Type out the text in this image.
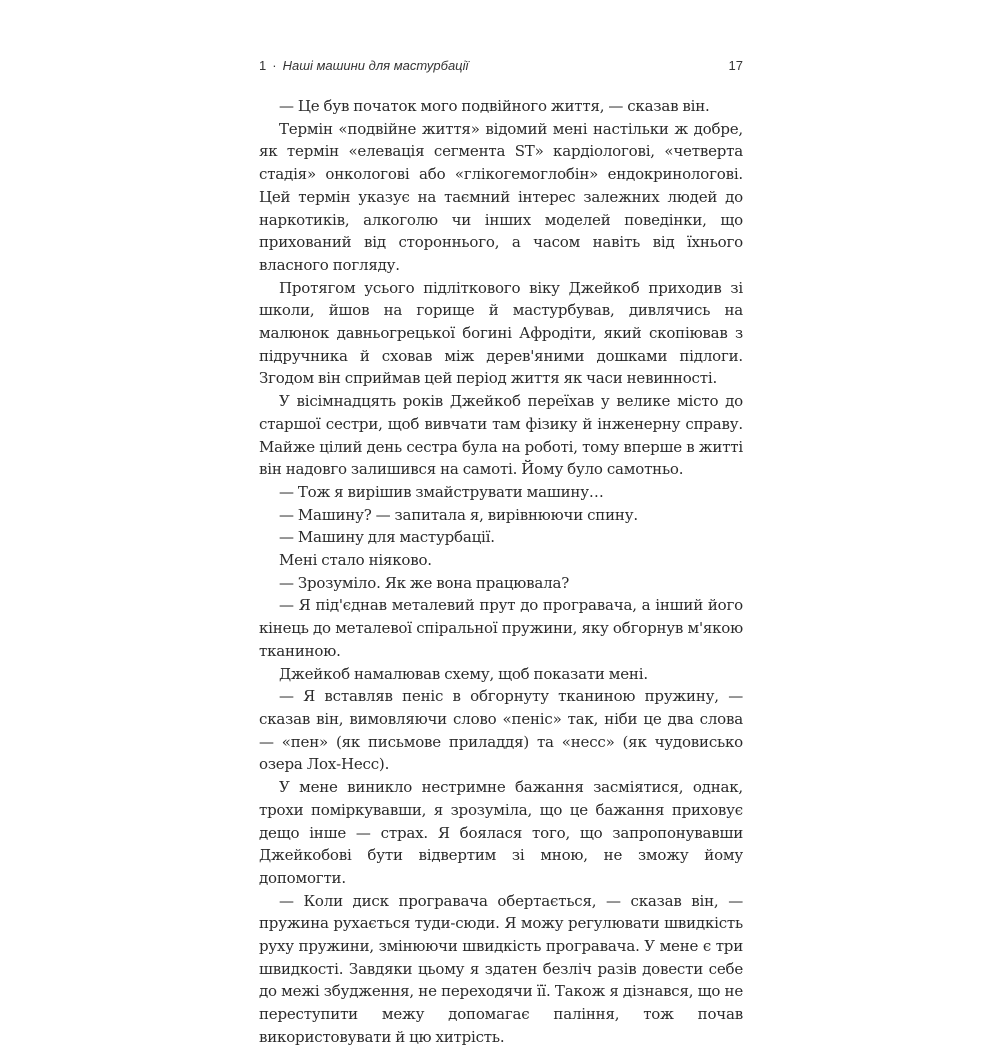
1 · Наші машини для мастурбації	17

— Це був початок мого подвійного життя, — сказав він.

Термін «подвійне життя» відомий мені настільки ж добре, як термін «елевація сегмента ST» кардіологові, «четверта стадія» онкологові або «глікогемоглобін» ендокринологові. Цей термін указує на таємний інтерес залежних людей до наркотиків, алкоголю чи інших моделей поведінки, що прихований від стороннього, а часом навіть від їхнього власного погляду.

Протягом усього підліткового віку Джейкоб приходив зі школи, йшов на горище й мастурбував, дивлячись на малюнок давньогрецької богині Афродіти, який скопіював з підручника й сховав між дерев'яними дошками підлоги. Згодом він сприймав цей період життя як часи невинності.

У вісімнадцять років Джейкоб переїхав у велике місто до старшої сестри, щоб вивчати там фізику й інженерну справу. Майже цілий день сестра була на роботі, тому вперше в житті він надовго залишився на самоті. Йому було самотньо.

— Тож я вирішив змайструвати машину…

— Машину? — запитала я, вирівнюючи спину.

— Машину для мастурбації.

Мені стало ніяково.

— Зрозуміло. Як же вона працювала?

— Я під'єднав металевий прут до програвача, а інший його кінець до металевої спіральної пружини, яку обгорнув м'якою тканиною.

Джейкоб намалював схему, щоб показати мені.

— Я вставляв пеніс в обгорнуту тканиною пружину, — сказав він, вимовляючи слово «пеніс» так, ніби це два слова — «пен» (як письмове приладдя) та «несс» (як чудовисько озера Лох-Несс).

У мене виникло нестримне бажання засміятися, однак, трохи поміркувавши, я зрозуміла, що це бажання приховує дещо інше — страх. Я боялася того, що запропонувавши Джейкобові бути відвертим зі мною, не зможу йому допомогти.

— Коли диск програвача обертається, — сказав він, — пружина рухається туди-сюди. Я можу регулювати швидкість руху пружини, змінюючи швидкість програвача. У мене є три швидкості. Завдяки цьому я здатен безліч разів довести себе до межі збудження, не переходячи її. Також я дізнався, що не переступити межу допомагає паління, тож почав використовувати й цю хитрість.
